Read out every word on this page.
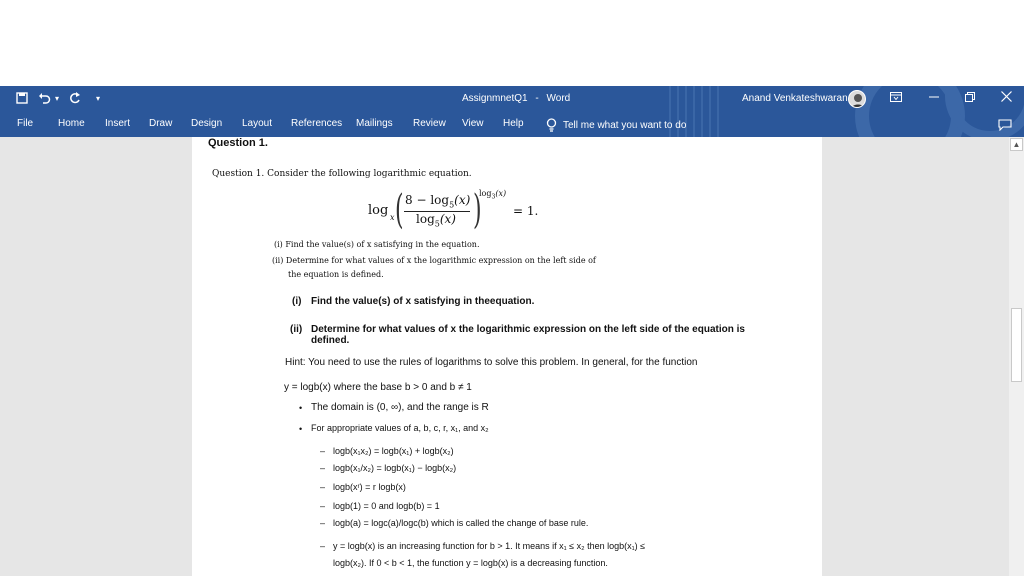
▾	▾	AssignmnetQ1 - Word	Anand Venkateshwaran
File Home Insert Draw Design Layout References Mailings Review View Help	Tell me what you want to do
▲
Question 1.
Question 1. Consider the following logarithmic equation.
log x ( $8 - \log_5(x)$
$\log_5(x)$ )
$\log_3(x)$
= 1.
(i) Find the value(s) of x satisfying in the equation.
(ii) Determine for what values of x the logarithmic expression on the left side of
the equation is defined.
(i) Find the value(s) of x satisfying in theequation.
(ii) Determine for what values of x the logarithmic expression on the left side of the equation is
defined.
Hint: You need to use the rules of logarithms to solve this problem. In general, for the function
y = logb(x) where the base b > 0 and b ≠ 1
• The domain is (0, ∞), and the range is R
• For appropriate values of a, b, c, r, x₁, and x₂
– logb(x₁x₂) = logb(x₁) + logb(x₂)
– logb(x₁/x₂) = logb(x₁) − logb(x₂)
– logb(xʳ) = r logb(x)
– logb(1) = 0 and logb(b) = 1
– logb(a) = logc(a)/logc(b) which is called the change of base rule.
– y = logb(x) is an increasing function for b > 1. It means if x₁ ≤ x₂ then logb(x₁) ≤
logb(x₂). If 0 < b < 1, the function y = logb(x) is a decreasing function.
